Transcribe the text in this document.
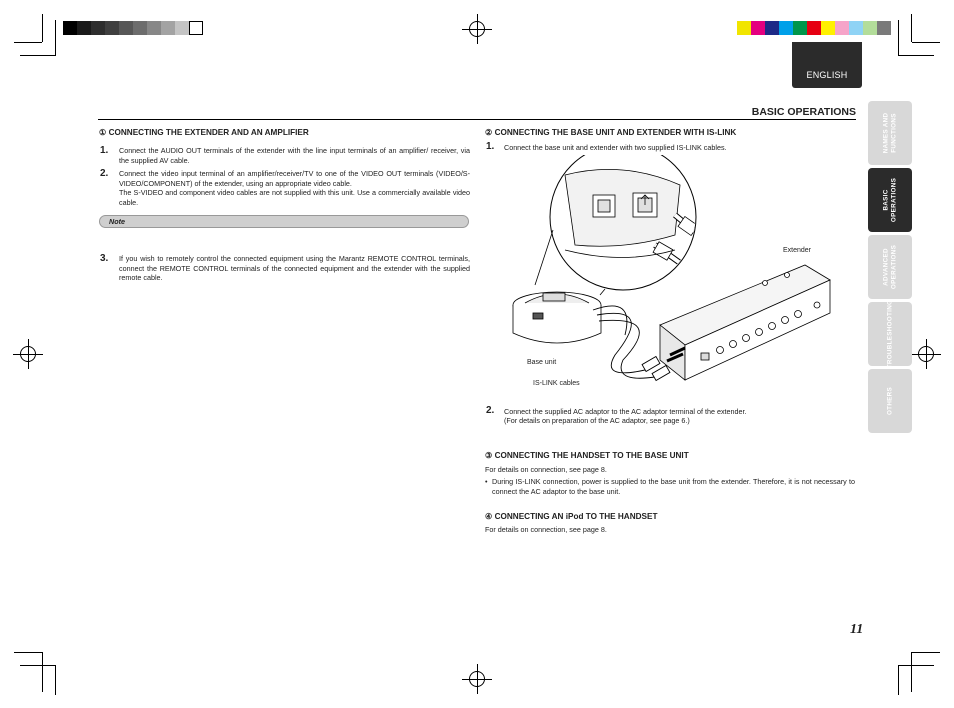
ENGLISH
BASIC OPERATIONS
① CONNECTING THE EXTENDER AND AN AMPLIFIER
1. Connect the AUDIO OUT terminals of the extender with the line input terminals of an amplifier/ receiver, via the supplied AV cable.
2. Connect the video input terminal of an amplifier/receiver/TV to one of the VIDEO OUT terminals (VIDEO/S-VIDEO/COMPONENT) of the extender, using an appropriate video cable.
The S-VIDEO and component video cables are not supplied with this unit. Use a commercially available video cable.
Note
3. If you wish to remotely control the connected equipment using the Marantz REMOTE CONTROL terminals, connect the REMOTE CONTROL terminals of the connected equipment and the extender with the supplied remote cable.
② CONNECTING THE BASE UNIT AND EXTENDER WITH IS-LINK
1. Connect the base unit and extender with two supplied IS-LINK cables.
Extender
Base unit
IS-LINK cables
2. Connect the supplied AC adaptor to the AC adaptor terminal of the extender.
(For details on preparation of the AC adaptor, see page 6.)
③ CONNECTING THE HANDSET TO THE BASE UNIT
For details on connection, see page 8.
• During IS-LINK connection, power is supplied to the base unit from the extender. Therefore, it is not necessary to connect the AC adaptor to the base unit.
④ CONNECTING AN iPod TO THE HANDSET
For details on connection, see page 8.
NAMES AND
FUNCTIONS
BASIC
OPERATIONS
ADVANCED
OPERATIONS
TROUBLESHOOTING
OTHERS
11
